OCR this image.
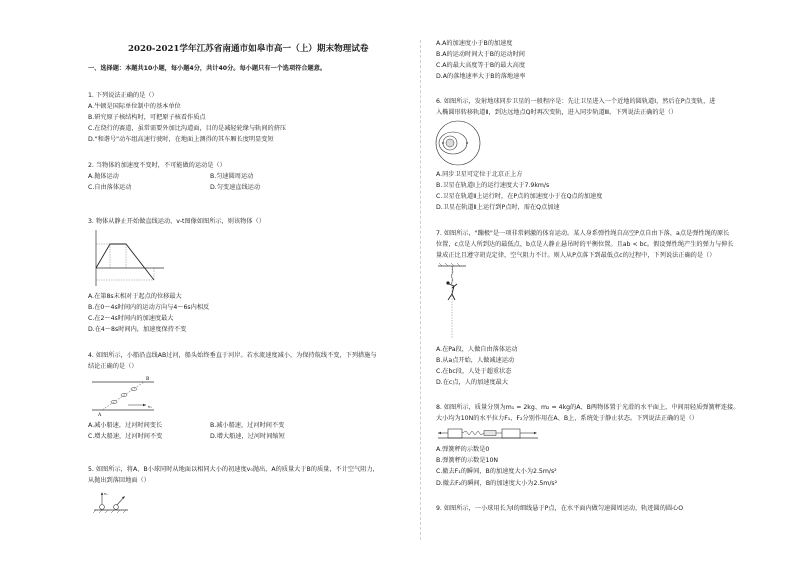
2020-2021学年江苏省南通市如皋市高一（上）期末物理试卷
一、选择题：本题共10小题，每小题4分，共计40分。每小题只有一个选项符合题意。
1. 下列说法正确的是（）
A.牛顿是国际单位制中的基本单位
B.研究原子核结构时，可把原子核看作质点
C.在绕行的赛道，虽常需要外加比沟道面，目的是减轻轮缘与轨间的挤压
D."和谐号"动车组高速行驶时，在地面上测得的其车厢长度明显变短
2. 当物体的加速度不变时，不可能做的运动是（）
A.抛体运动	B.匀速圆周运动
C.自由落体运动	D.匀变速直线运动
3. 物体从静止开始做直线运动，v-t图像如图所示，则该物体（）
A.在第8s末相对于起点的位移最大
B.在0～4s时间内的运动方向与4～6s内相反
C.在2～4s时间内的加速度最大
D.在4～8s时间内，加速度保持不变
4. 如图所示，小船沿直线AB过河，船头始终垂直于河岸。若水流速度减小，为保持航线不变，下列措施与
结论正确的是（）
A
B
v₁
A.减小船速，过河时间变长	B.减小船速，过河时间不变
C.增大船速，过河时间不变	D.增大船速，过河时间缩短
5. 如图所示，将A、B小球同时从地面以相同大小的初速度v₀抛出，A的质量大于B的质量，不计空气阻力，
从抛出到落回地面（）
v₀
A.A的加速度小于B的加速度
B.A的运动时间大于B的运动时间
C.A的最大高度等于B的最大高度
D.A的落地速率大于B的落地速率
6. 如图所示，发射地球同步卫星的一般程序是：先让卫星进入一个近地的圆轨道Ⅰ，然后在P点变轨，进
入椭圆形转移轨道Ⅱ，到达远地点Q时再次变轨，进入同步轨道Ⅲ。下列说法正确的是（）
A.同步卫星可定位于北京正上方
B.卫星在轨道Ⅰ上的运行速度大于7.9km/s
C.卫星在轨道Ⅱ上运行时，在P点的加速度小于在Q点的加速度
D.卫星在轨道Ⅱ上运行到P点时，需在Q点加速
7. 如图所示，"蹦极"是一项非常刺激的体育运动。某人身系弹性绳自高空P点自由下落，a点是弹性绳的原长
位置，c点是人所到达的最低点，b点是人静止悬吊时的平衡位置。且ab < bc。假设弹性绳产生的弹力与伸长
量成正比且遵守胡克定律，空气阻力不计。则人从P点落下到最低点c的过程中，下列说法正确的是（）
A.在Pa段，人做自由落体运动
B.从a点开始，人做减速运动
C.在bc段，人处于超重状态
D.在c点，人的加速度最大
8. 如图所示，质量分别为m₁ = 2kg、m₂ = 4kg的A、B两物体置于光滑的水平面上，中间用轻质弹簧秤连接。
大小均为10N的水平拉力F₁、F₂分别作用在A、B上，系统处于静止状态。下列说法正确的是（）
A.弹簧秤的示数是0
B.弹簧秤的示数是10N
C.撤去F₁的瞬间，B的加速度大小为2.5m/s²
D.撤去F₂的瞬间，B的加速度大小为2.5m/s²
9. 如图所示，一小球用长为l的细线悬于P点，在水平面内做匀速圆周运动，轨迹圆的圆心O
